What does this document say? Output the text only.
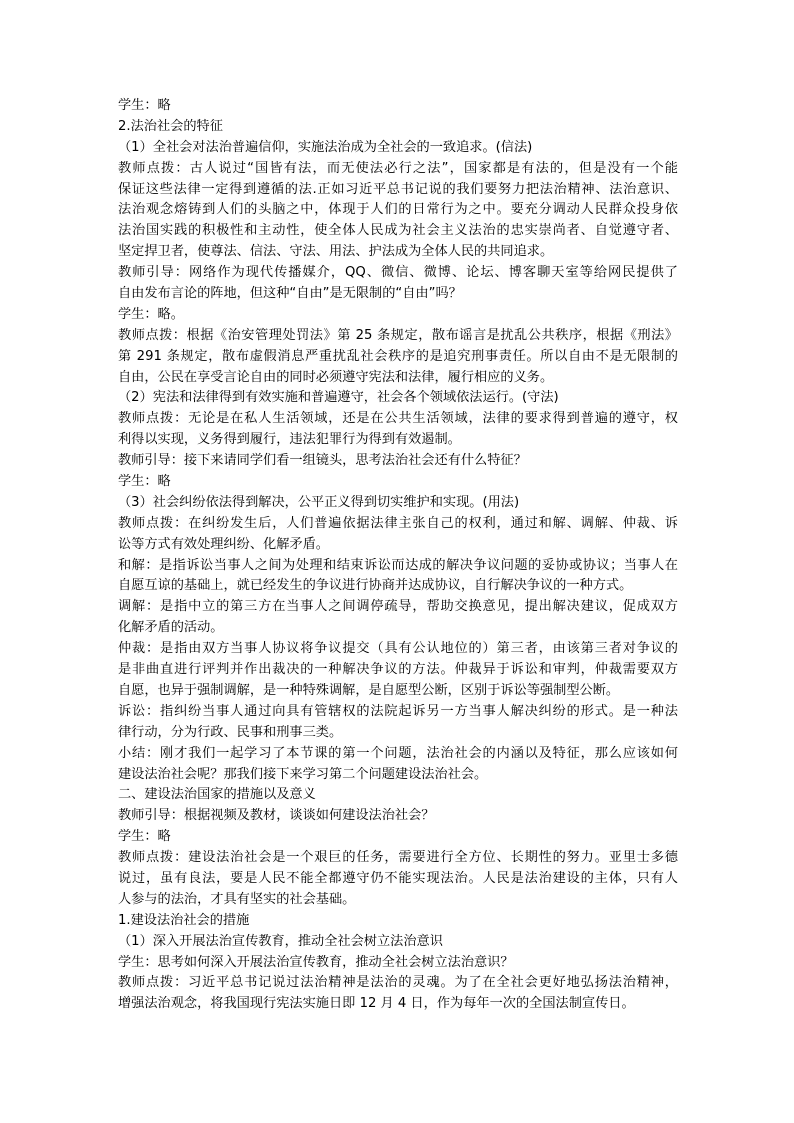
学生：略
2.法治社会的特征
（1）全社会对法治普遍信仰，实施法治成为全社会的一致追求。(信法)
教师点拨：古人说过“国皆有法，而无使法必行之法”，国家都是有法的，但是没有一个能
保证这些法律一定得到遵循的法.正如习近平总书记说的我们要努力把法治精神、法治意识、
法治观念熔铸到人们的头脑之中，体现于人们的日常行为之中。要充分调动人民群众投身依
法治国实践的积极性和主动性，使全体人民成为社会主义法治的忠实崇尚者、自觉遵守者、
坚定捍卫者，使尊法、信法、守法、用法、护法成为全体人民的共同追求。
教师引导：网络作为现代传播媒介，QQ、微信、微博、论坛、博客聊天室等给网民提供了
自由发布言论的阵地，但这种“自由”是无限制的“自由”吗？
学生：略。
教师点拨：根据《治安管理处罚法》第 25 条规定，散布谣言是扰乱公共秩序，根据《刑法》
第 291 条规定，散布虚假消息严重扰乱社会秩序的是追究刑事责任。所以自由不是无限制的
自由，公民在享受言论自由的同时必须遵守宪法和法律，履行相应的义务。
（2）宪法和法律得到有效实施和普遍遵守，社会各个领域依法运行。(守法)
教师点拨：无论是在私人生活领域，还是在公共生活领域，法律的要求得到普遍的遵守，权
利得以实现，义务得到履行，违法犯罪行为得到有效遏制。
教师引导：接下来请同学们看一组镜头，思考法治社会还有什么特征？
学生：略
（3）社会纠纷依法得到解决，公平正义得到切实维护和实现。(用法)
教师点拨：在纠纷发生后，人们普遍依据法律主张自己的权利，通过和解、调解、仲裁、诉
讼等方式有效处理纠纷、化解矛盾。
和解：是指诉讼当事人之间为处理和结束诉讼而达成的解决争议问题的妥协或协议；当事人在
自愿互谅的基础上，就已经发生的争议进行协商并达成协议，自行解决争议的一种方式。
调解：是指中立的第三方在当事人之间调停疏导，帮助交换意见，提出解决建议，促成双方
化解矛盾的活动。
仲裁：是指由双方当事人协议将争议提交（具有公认地位的）第三者，由该第三者对争议的
是非曲直进行评判并作出裁决的一种解决争议的方法。仲裁异于诉讼和审判，仲裁需要双方
自愿，也异于强制调解，是一种特殊调解，是自愿型公断，区别于诉讼等强制型公断。
诉讼：指纠纷当事人通过向具有管辖权的法院起诉另一方当事人解决纠纷的形式。是一种法
律行动，分为行政、民事和刑事三类。
小结：刚才我们一起学习了本节课的第一个问题，法治社会的内涵以及特征，那么应该如何
建设法治社会呢？那我们接下来学习第二个问题建设法治社会。
二、建设法治国家的措施以及意义
教师引导：根据视频及教材，谈谈如何建设法治社会？
学生：略
教师点拨：建设法治社会是一个艰巨的任务，需要进行全方位、长期性的努力。亚里士多德
说过，虽有良法，要是人民不能全都遵守仍不能实现法治。人民是法治建设的主体，只有人
人参与的法治，才具有坚实的社会基础。
1.建设法治社会的措施
（1）深入开展法治宣传教育，推动全社会树立法治意识
学生：思考如何深入开展法治宣传教育，推动全社会树立法治意识？
教师点拨：习近平总书记说过法治精神是法治的灵魂。为了在全社会更好地弘扬法治精神，
增强法治观念，将我国现行宪法实施日即 12 月 4 日，作为每年一次的全国法制宣传日。
